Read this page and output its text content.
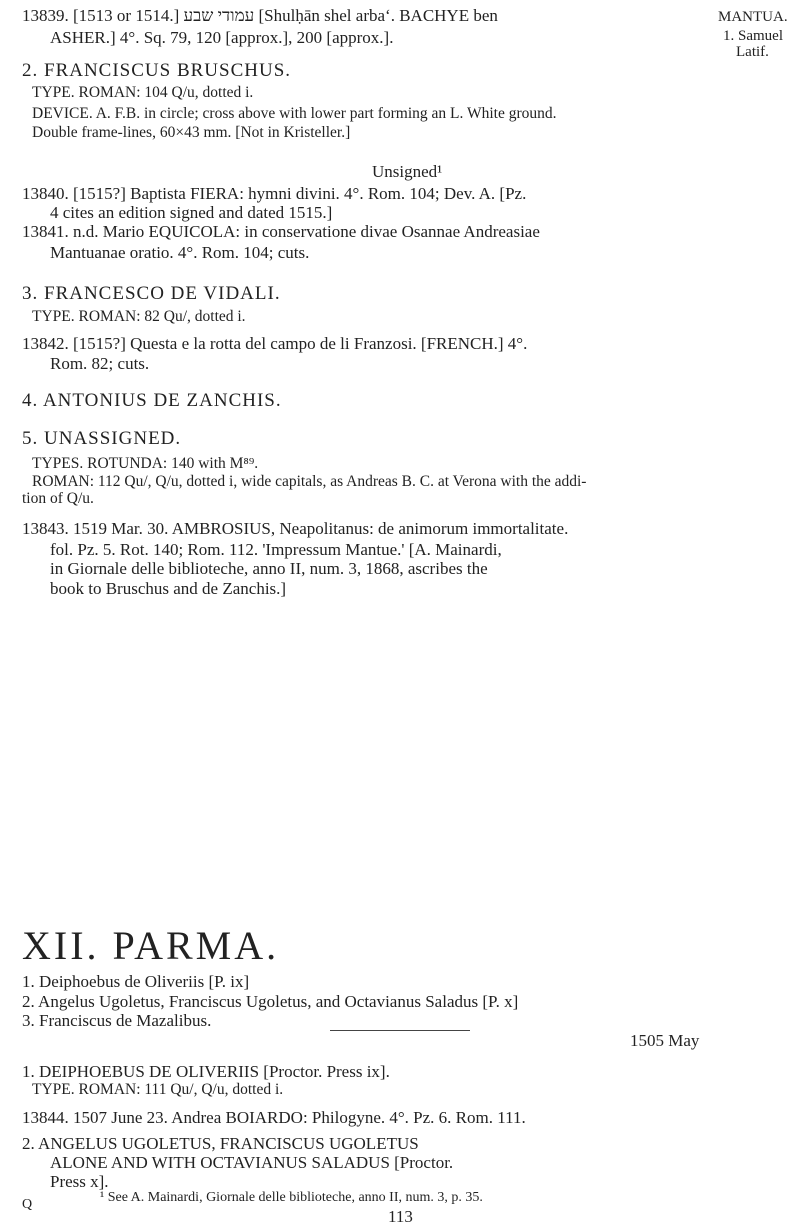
13839. [1513 or 1514.] עמודי שבע [Shulḥān shel arba‘. BACHYE ben
ASHER.] 4°. Sq. 79, 120 [approx.], 200 [approx.].
MANTUA.
1. Samuel
Latif.
2. FRANCISCUS BRUSCHUS.
TYPE. ROMAN: 104 Q/u, dotted i.
DEVICE. A. F.B. in circle; cross above with lower part forming an L. White ground.
Double frame-lines, 60×43 mm. [Not in Kristeller.]
Unsigned¹
13840. [1515?] Baptista FIERA: hymni divini. 4°. Rom. 104; Dev. A. [Pz.
4 cites an edition signed and dated 1515.]
13841. n.d. Mario EQUICOLA: in conservatione divae Osannae Andreasiae
Mantuanae oratio. 4°. Rom. 104; cuts.
3. FRANCESCO DE VIDALI.
TYPE. ROMAN: 82 Qu/, dotted i.
13842. [1515?] Questa e la rotta del campo de li Franzosi. [FRENCH.] 4°.
Rom. 82; cuts.
4. ANTONIUS DE ZANCHIS.
5. UNASSIGNED.
TYPES. ROTUNDA: 140 with M⁸⁹.
ROMAN: 112 Qu/, Q/u, dotted i, wide capitals, as Andreas B. C. at Verona with the addi-
tion of Q/u.
13843. 1519 Mar. 30. AMBROSIUS, Neapolitanus: de animorum immortalitate.
fol. Pz. 5. Rot. 140; Rom. 112. 'Impressum Mantue.' [A. Mainardi,
in Giornale delle biblioteche, anno II, num. 3, 1868, ascribes the
book to Bruschus and de Zanchis.]
XII. PARMA.
1. Deiphoebus de Oliveriis [P. ix]
2. Angelus Ugoletus, Franciscus Ugoletus, and Octavianus Saladus [P. x]
3. Franciscus de Mazalibus.
1505 May
1. DEIPHOEBUS DE OLIVERIIS [Proctor. Press ix].
TYPE. ROMAN: 111 Qu/, Q/u, dotted i.
13844. 1507 June 23. Andrea BOIARDO: Philogyne. 4°. Pz. 6. Rom. 111.
2. ANGELUS UGOLETUS, FRANCISCUS UGOLETUS
ALONE AND WITH OCTAVIANUS SALADUS [Proctor.
Press x].
Q	¹ See A. Mainardi, Giornale delle biblioteche, anno II, num. 3, p. 35.
113
